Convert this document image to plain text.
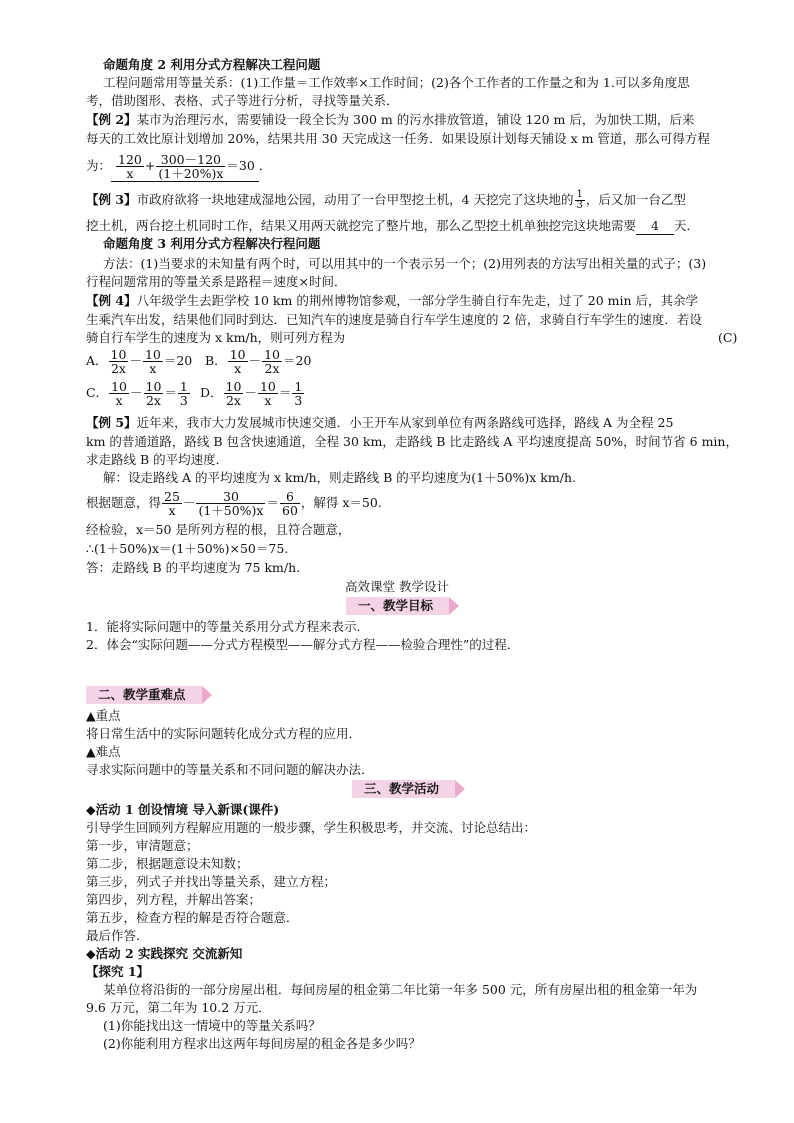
命题角度 2 利用分式方程解决工程问题
工程问题常用等量关系：(1)工作量＝工作效率×工作时间；(2)各个工作者的工作量之和为 1.可以多角度思
考，借助图形、表格、式子等进行分析，寻找等量关系．
【例 2】某市为治理污水，需要铺设一段全长为 300 m 的污水排放管道，铺设 120 m 后，为加快工期，后来
每天的工效比原计划增加 20%，结果共用 30 天完成这一任务．如果设原计划每天铺设 x m 管道，那么可得方程
为： $\frac{120}{x} + \frac{300-120}{(1+20\%)x} =30$ ．
【例 3】市政府欲将一块地建成湿地公园，动用了一台甲型挖土机，4 天挖完了这块地的 $\frac{1}{3}$ ，后又加一台乙型
挖土机，两台挖土机同时工作，结果又用两天就挖完了整片地，那么乙型挖土机单独挖完这块地需要 4 天．
命题角度 3 利用分式方程解决行程问题
方法：(1)当要求的未知量有两个时，可以用其中的一个表示另一个；(2)用列表的方法写出相关量的式子；(3)
行程问题常用的等量关系是路程＝速度×时间．
【例 4】八年级学生去距学校 10 km 的荆州博物馆参观，一部分学生骑自行车先走，过了 20 min 后，其余学
生乘汽车出发，结果他们同时到达．已知汽车的速度是骑自行车学生速度的 2 倍，求骑自行车学生的速度．若设
骑自行车学生的速度为 x km/h，则可列方程为	(C)
A． $\frac{10}{2x} - \frac{10}{x} =20$ B． $\frac{10}{x} - \frac{10}{2x} =20$
C． $\frac{10}{x} - \frac{10}{2x} = \frac{1}{3}$ D． $\frac{10}{2x} - \frac{10}{x} = \frac{1}{3}$
【例 5】近年来，我市大力发展城市快速交通．小王开车从家到单位有两条路线可选择，路线 A 为全程 25
km 的普通道路，路线 B 包含快速通道，全程 30 km，走路线 B 比走路线 A 平均速度提高 50%，时间节省 6 min，
求走路线 B 的平均速度．
解：设走路线 A 的平均速度为 x km/h，则走路线 B 的平均速度为(1＋50%)x km/h.
根据题意，得 $\frac{25}{x} - \frac{30}{(1+50\%)x} = \frac{6}{60}$ ，解得 x＝50.
经检验，x＝50 是所列方程的根，且符合题意，
∴(1＋50%)x＝(1＋50%)×50＝75.
答：走路线 B 的平均速度为 75 km/h.
高效课堂 教学设计
一、教学目标
1．能将实际问题中的等量关系用分式方程来表示．
2．体会“实际问题——分式方程模型——解分式方程——检验合理性”的过程．
二、教学重难点
▲重点
将日常生活中的实际问题转化成分式方程的应用．
▲难点
寻求实际问题中的等量关系和不同问题的解决办法．
三、教学活动
◆活动 1 创设情境 导入新课(课件)
引导学生回顾列方程解应用题的一般步骤，学生积极思考，并交流、讨论总结出：
第一步，审清题意；
第二步，根据题意设未知数；
第三步，列式子并找出等量关系，建立方程；
第四步，列方程，并解出答案；
第五步，检查方程的解是否符合题意．
最后作答．
◆活动 2 实践探究 交流新知
【探究 1】
某单位将沿街的一部分房屋出租．每间房屋的租金第二年比第一年多 500 元，所有房屋出租的租金第一年为
9.6 万元，第二年为 10.2 万元．
(1)你能找出这一情境中的等量关系吗？
(2)你能利用方程求出这两年每间房屋的租金各是多少吗？
